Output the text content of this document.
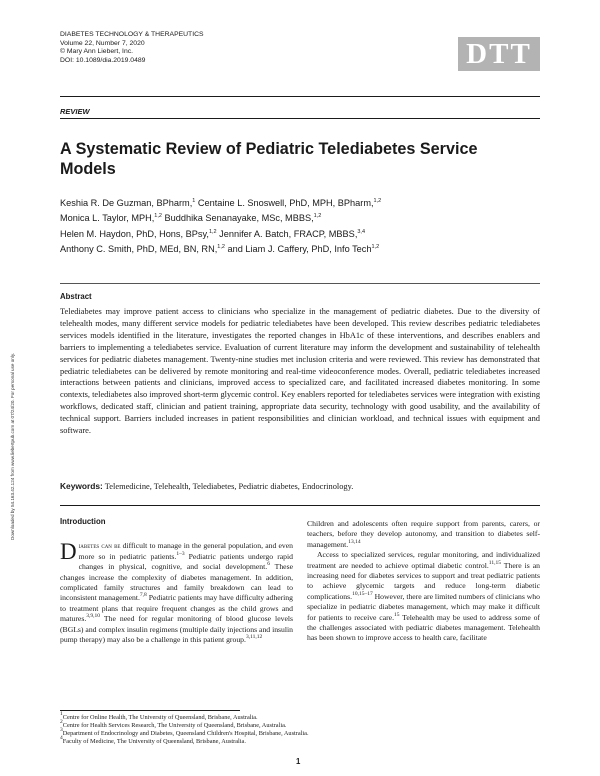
DIABETES TECHNOLOGY & THERAPEUTICS
Volume 22, Number 7, 2020
© Mary Ann Liebert, Inc.
DOI: 10.1089/dia.2019.0489	DTT
REVIEW
A Systematic Review of Pediatric Telediabetes Service Models
Keshia R. De Guzman, BPharm,$^1$ Centaine L. Snoswell, PhD, MPH, BPharm,$^{1,2}$
Monica L. Taylor, MPH,$^{1,2}$ Buddhika Senanayake, MSc, MBBS,$^{1,2}$
Helen M. Haydon, PhD, Hons, BPsy,$^{1,2}$ Jennifer A. Batch, FRACP, MBBS,$^{3,4}$
Anthony C. Smith, PhD, MEd, BN, RN,$^{1,2}$ and Liam J. Caffery, PhD, Info Tech$^{1,2}$
Downloaded by 54.163.42.124 from www.liebertpub.com at 07/24/20. For personal use only.
Abstract
Telediabetes may improve patient access to clinicians who specialize in the management of pediatric diabetes. Due to the diversity of telehealth modes, many different service models for pediatric telediabetes have been developed. This review describes pediatric telediabetes services models identified in the literature, investigates the reported changes in HbA1c of these interventions, and describes enablers and barriers to implementing a telediabetes service. Evaluation of current literature may inform the development and sustainability of telehealth services for pediatric diabetes management. Twenty-nine studies met inclusion criteria and were reviewed. This review has demonstrated that pediatric telediabetes can be delivered by remote monitoring and real-time videoconference modes. Overall, pediatric telediabetes increased interactions between patients and clinicians, improved access to specialized care, and facilitated increased diabetes monitoring. In some contexts, telediabetes also improved short-term glycemic control. Key enablers reported for telediabetes services were integration with existing workflows, dedicated staff, clinician and patient training, appropriate data security, technology with good usability, and the availability of technical support. Barriers included increases in patient responsibilities and clinician workload, and technical issues with equipment and software.
Keywords: Telemedicine, Telehealth, Telediabetes, Pediatric diabetes, Endocrinology.
Introduction

Diabetes can be difficult to manage in the general population, and even more so in pediatric patients.$^{1-3}$ Pediatric patients undergo rapid changes in physical, cognitive, and social development.$^6$ These changes increase the complexity of diabetes management. In addition, complicated family structures and family breakdown can lead to inconsistent management.$^{7,8}$ Pediatric patients may have difficulty adhering to treatment plans that require frequent changes as the child grows and matures.$^{3,9,10}$ The need for regular monitoring of blood glucose levels (BGLs) and complex insulin regimens (multiple daily injections and insulin pump therapy) may also be a challenge in this patient group.$^{3,11,12}$

Children and adolescents often require support from parents, carers, or teachers, before they develop autonomy, and transition to diabetes self-management.$^{13,14}$

Access to specialized services, regular monitoring, and individualized treatment are needed to achieve optimal diabetic control.$^{11,15}$ There is an increasing need for diabetes services to support and treat pediatric patients to achieve glycemic targets and reduce long-term diabetic complications.$^{10,15-17}$ However, there are limited numbers of clinicians who specialize in pediatric diabetes management, which may make it difficult for patients to receive care.$^{15}$ Telehealth may be used to address some of the challenges associated with pediatric diabetes management. Telehealth has been shown to improve access to health care, facilitate

$^1$Centre for Online Health, The University of Queensland, Brisbane, Australia.
$^2$Centre for Health Services Research, The University of Queensland, Brisbane, Australia.
$^3$Department of Endocrinology and Diabetes, Queensland Children's Hospital, Brisbane, Australia.
$^4$Faculty of Medicine, The University of Queensland, Brisbane, Australia.
1
